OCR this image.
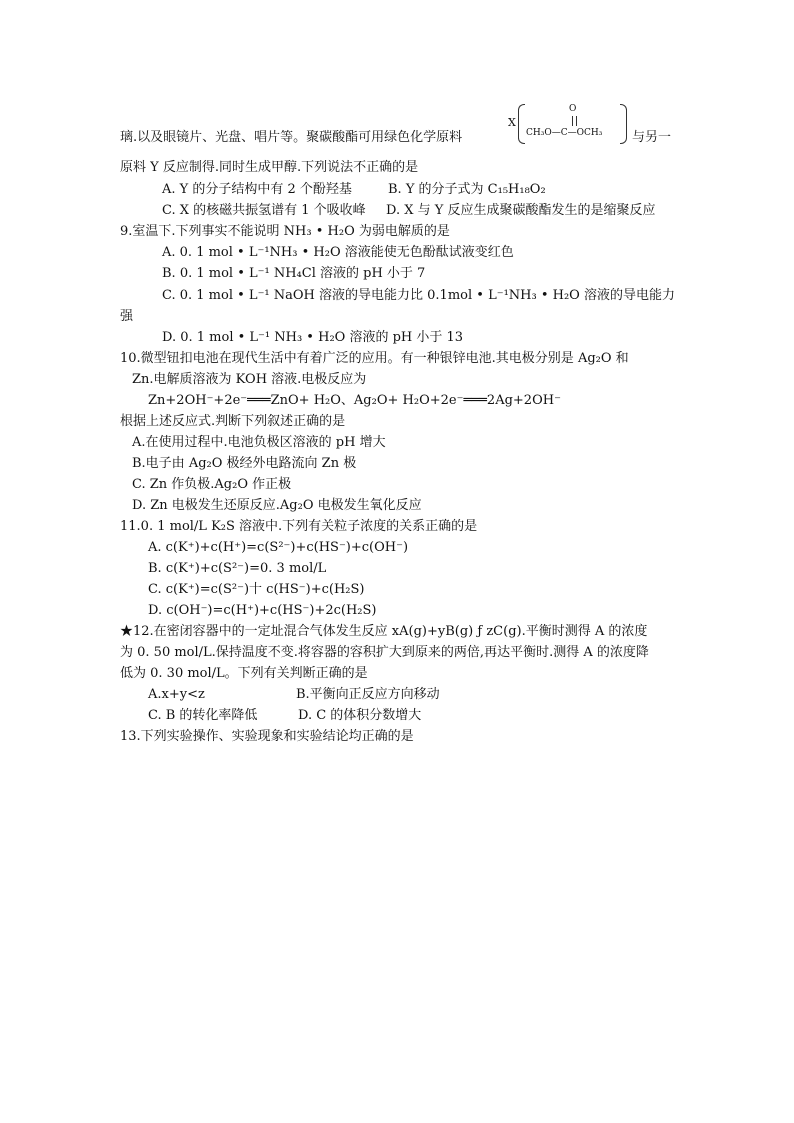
璃.以及眼镜片、光盘、唱片等。聚碳酸酯可用绿色化学原料
X
O
CH₃O—C—OCH₃ 与另一
原料 Y 反应制得.同时生成甲醇.下列说法不正确的是
A. Y 的分子结构中有 2 个酚羟基	B. Y 的分子式为 C₁₅H₁₈O₂
C. X 的核磁共振氢谱有 1 个吸收峰 D. X 与 Y 反应生成聚碳酸酯发生的是缩聚反应
9.室温下.下列事实不能说明 NH₃ • H₂O 为弱电解质的是
A. 0. 1 mol • L⁻¹NH₃ • H₂O 溶液能使无色酚酞试液变红色
B. 0. 1 mol • L⁻¹ NH₄Cl 溶液的 pH 小于 7
C. 0. 1 mol • L⁻¹ NaOH 溶液的导电能力比 0.1mol • L⁻¹NH₃ • H₂O 溶液的导电能力
强
D. 0. 1 mol • L⁻¹ NH₃ • H₂O 溶液的 pH 小于 13
10.微型钮扣电池在现代生活中有着广泛的应用。有一种银锌电池.其电极分别是 Ag₂O 和
Zn.电解质溶液为 KOH 溶液.电极反应为
Zn+2OH⁻+2e⁻═══ZnO+ H₂O、Ag₂O+ H₂O+2e⁻═══2Ag+2OH⁻
根据上述反应式.判断下列叙述正确的是
A.在使用过程中.电池负极区溶液的 pH 增大
B.电子由 Ag₂O 极经外电路流向 Zn 极
C. Zn 作负极.Ag₂O 作正极
D. Zn 电极发生还原反应.Ag₂O 电极发生氧化反应
11.0. 1 mol/L K₂S 溶液中.下列有关粒子浓度的关系正确的是
A. c(K⁺)+c(H⁺)=c(S²⁻)+c(HS⁻)+c(OH⁻)
B. c(K⁺)+c(S²⁻)=0. 3 mol/L
C. c(K⁺)=c(S²⁻)十 c(HS⁻)+c(H₂S)
D. c(OH⁻)=c(H⁺)+c(HS⁻)+2c(H₂S)
★12.在密闭容器中的一定址混合气体发生反应 xA(g)+yB(g) ƒ zC(g).平衡时测得 A 的浓度
为 0. 50 mol/L.保持温度不变.将容器的容积扩大到原来的两倍,再达平衡时.测得 A 的浓度降
低为 0. 30 mol/L。下列有关判断正确的是
A.x+y<z	B.平衡向正反应方向移动
C. B 的转化率降低	D. C 的体积分数增大
13.下列实验操作、实验现象和实验结论均正确的是
